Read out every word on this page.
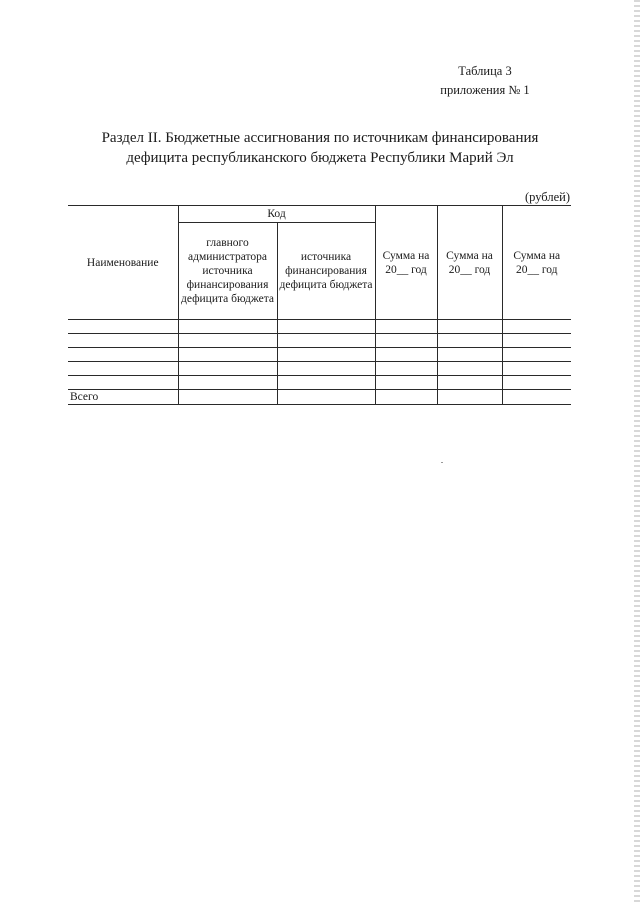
Таблица 3
приложения № 1
Раздел II. Бюджетные ассигнования по источникам финансирования
дефицита республиканского бюджета Республики Марий Эл
(рублей)
Наименование	Код		Сумма на 20__ год	Сумма на 20__ год	Сумма на 20__ год
	главного администратора источника финансирования дефицита бюджета	источника финансирования дефицита бюджета			

Всего					
